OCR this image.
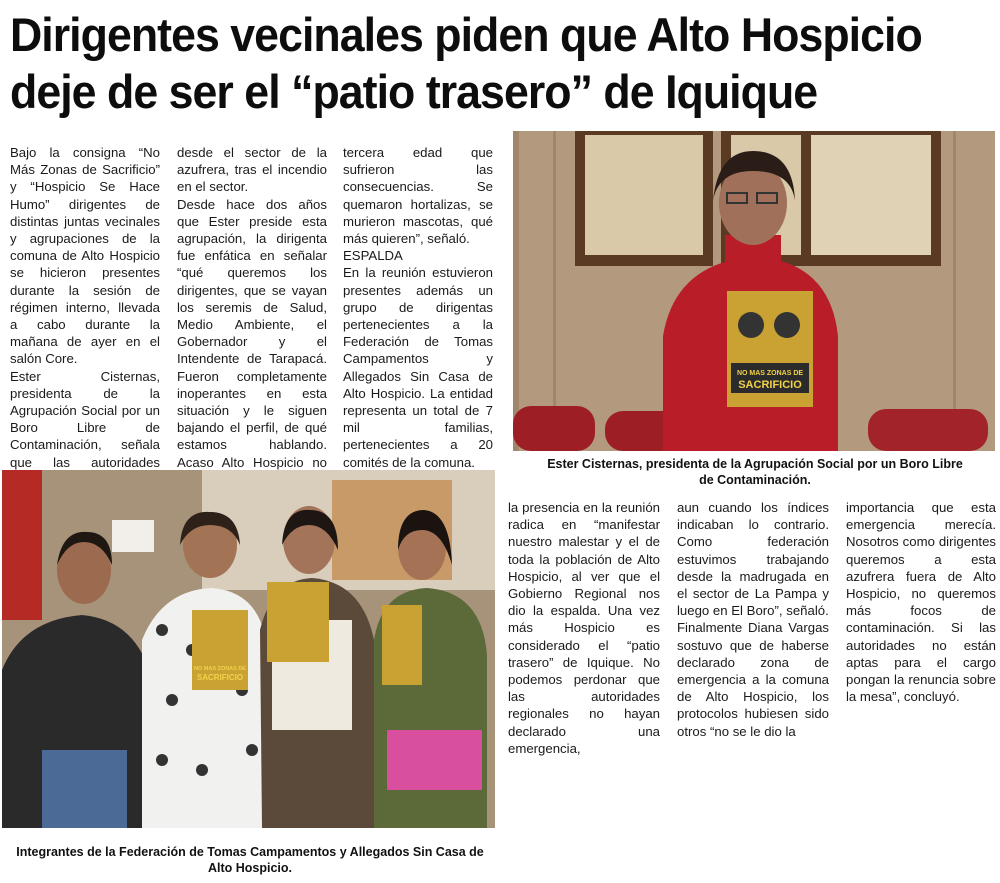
Dirigentes vecinales piden que Alto Hospicio deje de ser el “patio trasero” de Iquique

Bajo la consigna “No Más Zonas de Sacrificio” y “Hospicio Se Hace Humo” dirigentes de distintas juntas vecinales y agrupaciones de la comuna de Alto Hospicio se hicieron presentes durante la sesión de régimen interno, llevada a cabo durante la mañana de ayer en el salón Core.
Ester Cisternas, presidenta de la Agrupación Social por un Boro Libre de Contaminación, señala que las autoridades

desde el sector de la azufrera, tras el incendio en el sector.
Desde hace dos años que Ester preside esta agrupación, la dirigenta fue enfática en señalar “qué queremos los dirigentes, que se vayan los seremis de Salud, Medio Ambiente, el Gobernador y el Intendente de Tarapacá. Fueron completamente inoperantes en esta situación y le siguen bajando el perfil, de qué estamos hablando. Acaso Alto Hospicio no

tercera edad que sufrieron las consecuencias. Se quemaron hortalizas, se murieron mascotas, qué más quieren”, señaló.
ESPALDA
En la reunión estuvieron presentes además un grupo de dirigentas pertenecientes a la Federación de Tomas Campamentos y Allegados Sin Casa de Alto Hospicio. La entidad representa un total de 7 mil familias, pertenecientes a 20 comités de la comuna.

NO MAS ZONAS DE
SACRIFICIO
Ester Cisternas, presidenta de la Agrupación Social por un Boro Libre de Contaminación.
NO MAS ZONAS DE
SACRIFICIO
Integrantes de la Federación de Tomas Campamentos y Allegados Sin Casa de Alto Hospicio.

la presencia en la reunión radica en “manifestar nuestro malestar y el de toda la población de Alto Hospicio, al ver que el Gobierno Regional nos dio la espalda. Una vez más Hospicio es considerado el “patio trasero” de Iquique. No podemos perdonar que las autoridades regionales no hayan declarado una emergencia,

aun cuando los índices indicaban lo contrario. Como federación estuvimos trabajando desde la madrugada en el sector de La Pampa y luego en El Boro”, señaló.
Finalmente Diana Vargas sostuvo que de haberse declarado zona de emergencia a la comuna de Alto Hospicio, los protocolos hubiesen sido otros “no se le dio la

importancia que esta emergencia merecía. Nosotros como dirigentes queremos a esta azufrera fuera de Alto Hospicio, no queremos más focos de contaminación. Si las autoridades no están aptas para el cargo pongan la renuncia sobre la mesa”, concluyó.
